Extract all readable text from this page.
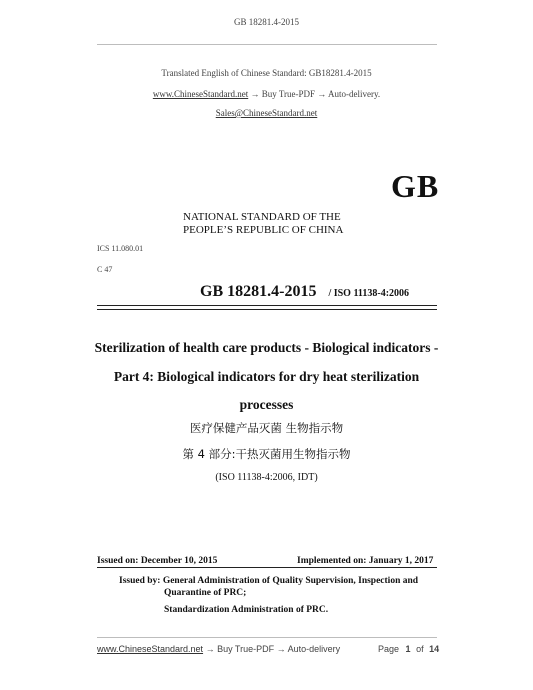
GB 18281.4-2015
Translated English of Chinese Standard: GB18281.4-2015
www.ChineseStandard.net → Buy True-PDF → Auto-delivery.
Sales@ChineseStandard.net
GB
NATIONAL STANDARD OF THE
PEOPLE’S REPUBLIC OF CHINA
ICS 11.080.01
C 47
GB 18281.4-2015 / ISO 11138-4:2006
Sterilization of health care products - Biological indicators -
Part 4: Biological indicators for dry heat sterilization
processes
医疗保健产品灭菌 生物指示物
第 4 部分:干热灭菌用生物指示物
(ISO 11138-4:2006, IDT)
Issued on: December 10, 2015	Implemented on: January 1, 2017
Issued by: General Administration of Quality Supervision, Inspection and
Quarantine of PRC;
Standardization Administration of PRC.
www.ChineseStandard.net → Buy True-PDF → Auto-delivery	Page 1 of 14
